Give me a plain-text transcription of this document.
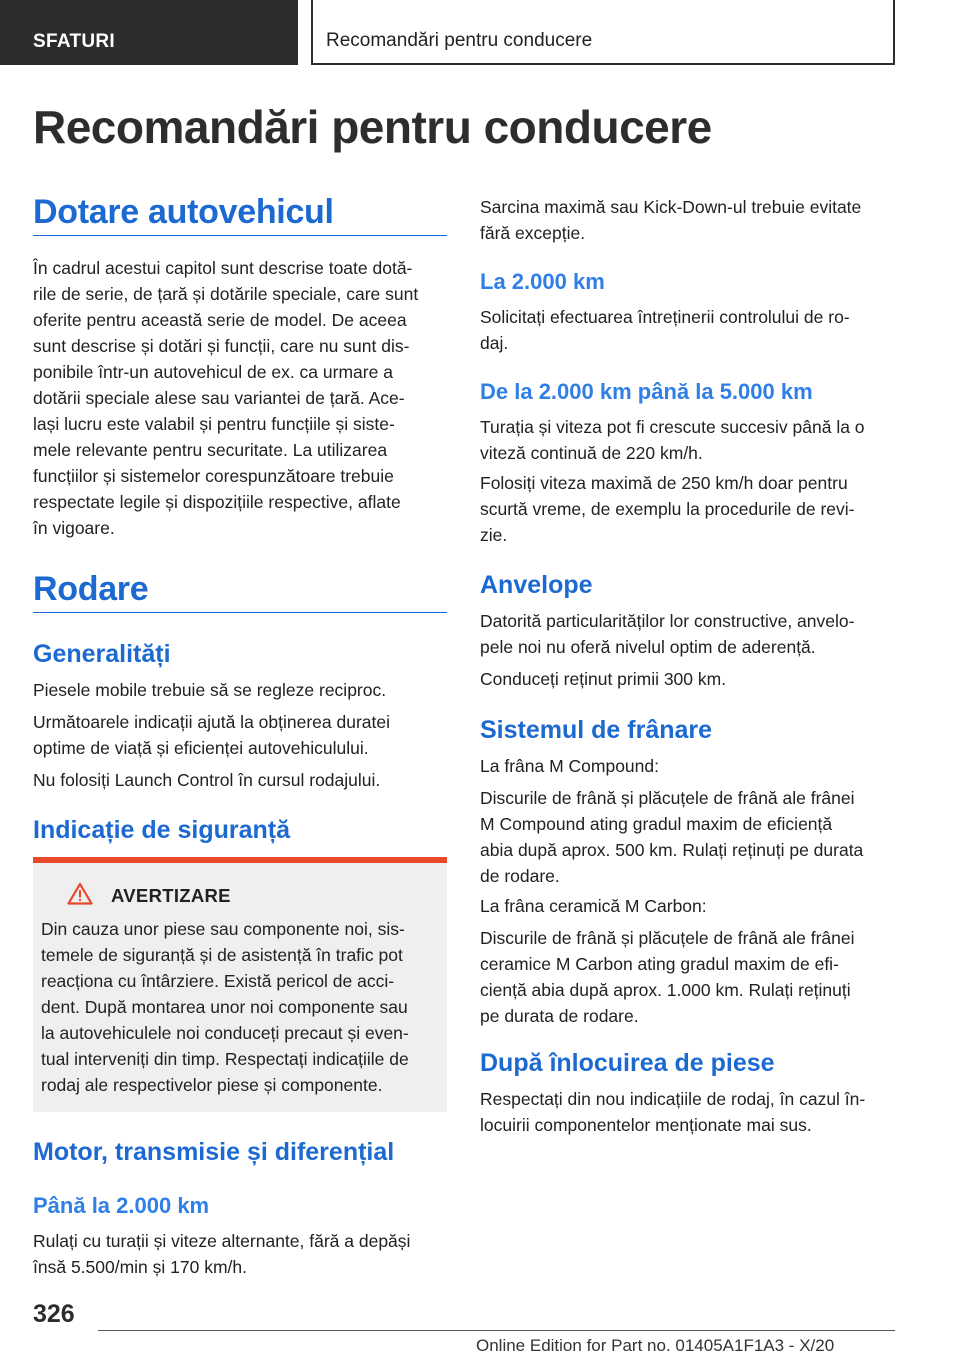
SFATURI	Recomandări pentru conducere
Recomandări pentru conducere
Dotare autovehicul
În cadrul acestui capitol sunt descrise toate dotă-
rile de serie, de țară și dotările speciale, care sunt
oferite pentru această serie de model. De aceea
sunt descrise și dotări și funcții, care nu sunt dis-
ponibile într-un autovehicul de ex. ca urmare a
dotării speciale alese sau variantei de țară. Ace-
lași lucru este valabil și pentru funcțiile și siste-
mele relevante pentru securitate. La utilizarea
funcțiilor și sistemelor corespunzătoare trebuie
respectate legile și dispozițiile respective, aflate
în vigoare.
Rodare
Generalități
Piesele mobile trebuie să se regleze reciproc.
Următoarele indicații ajută la obținerea duratei
optime de viață și eficienței autovehiculului.
Nu folosiți Launch Control în cursul rodajului.
Indicație de siguranță
AVERTIZARE
Din cauza unor piese sau componente noi, sis-
temele de siguranță și de asistență în trafic pot
reacționa cu întârziere. Există pericol de acci-
dent. După montarea unor noi componente sau
la autovehiculele noi conduceți precaut și even-
tual interveniți din timp. Respectați indicațiile de
rodaj ale respectivelor piese și componente.
Motor, transmisie și diferențial
Până la 2.000 km
Rulați cu turații și viteze alternante, fără a depăși
însă 5.500/min și 170 km/h.
Sarcina maximă sau Kick-Down-ul trebuie evitate
fără excepție.
La 2.000 km
Solicitați efectuarea întreținerii controlului de ro-
daj.
De la 2.000 km până la 5.000 km
Turația și viteza pot fi crescute succesiv până la o
viteză continuă de 220 km/h.
Folosiți viteza maximă de 250 km/h doar pentru
scurtă vreme, de exemplu la procedurile de revi-
zie.
Anvelope
Datorită particularităților lor constructive, anvelo-
pele noi nu oferă nivelul optim de aderență.
Conduceți reținut primii 300 km.
Sistemul de frânare
La frâna M Compound:
Discurile de frână și plăcuțele de frână ale frânei
M Compound ating gradul maxim de eficiență
abia după aprox. 500 km. Rulați reținuți pe durata
de rodare.
La frâna ceramică M Carbon:
Discurile de frână și plăcuțele de frână ale frânei
ceramice M Carbon ating gradul maxim de efi-
ciență abia după aprox. 1.000 km. Rulați reținuți
pe durata de rodare.
După înlocuirea de piese
Respectați din nou indicațiile de rodaj, în cazul în-
locuirii componentelor menționate mai sus.
326
Online Edition for Part no. 01405A1F1A3 - X/20
